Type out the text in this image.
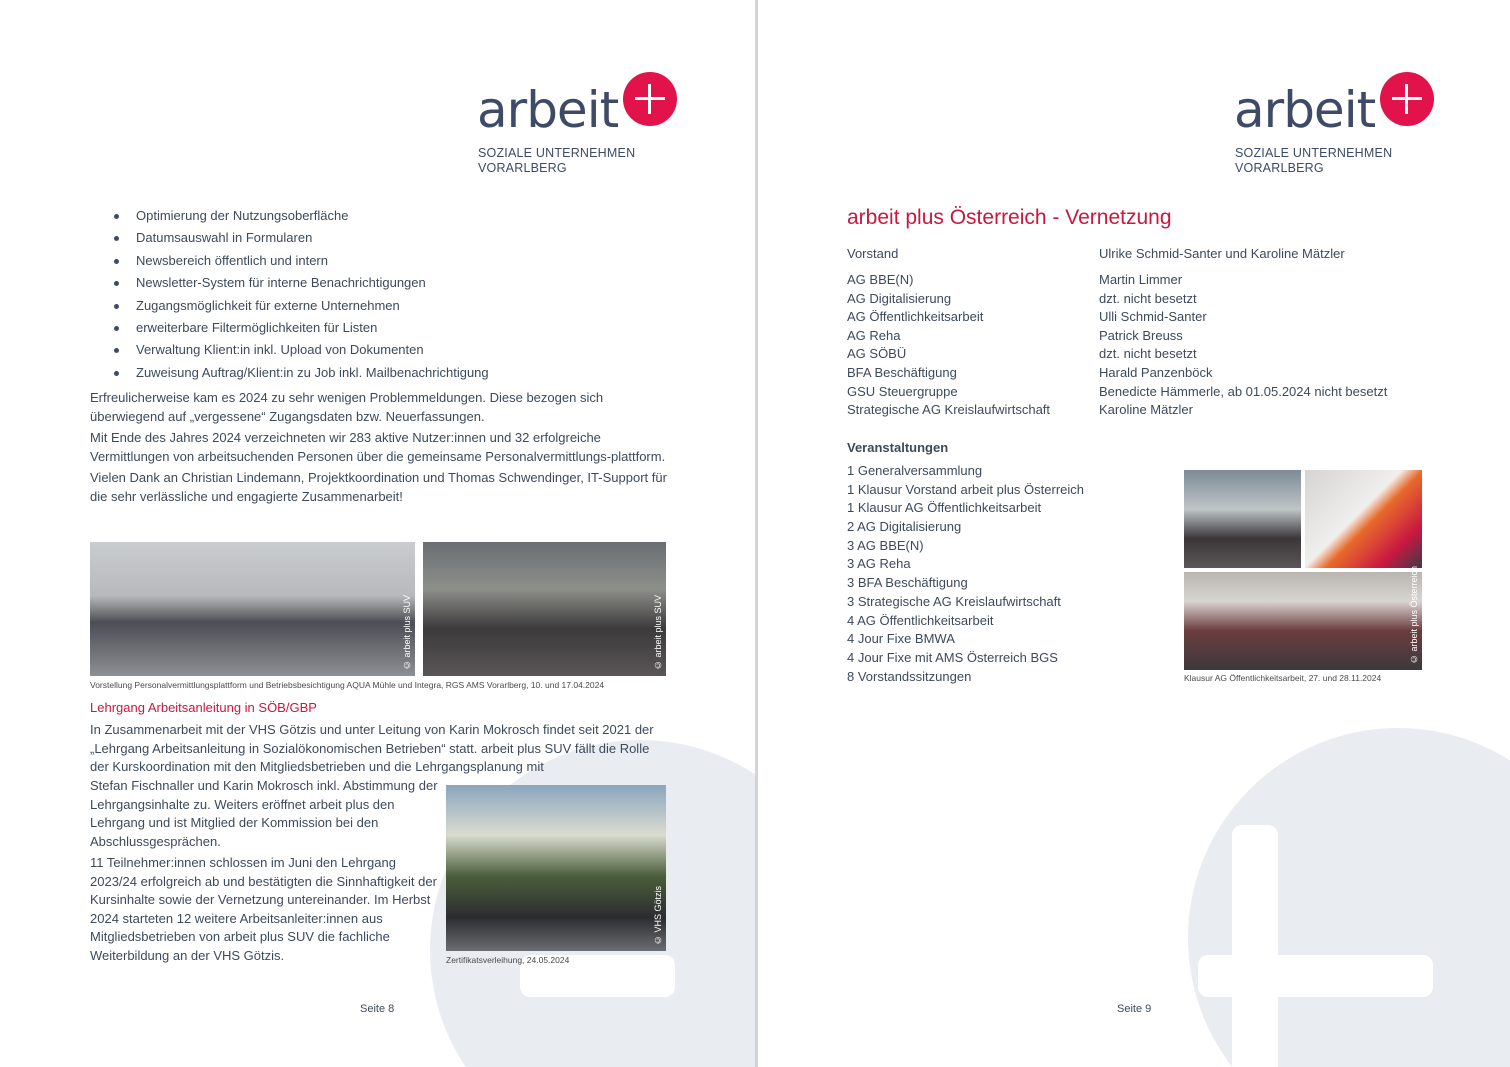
arbeit
SOZIALE UNTERNEHMEN
VORARLBERG
Optimierung der Nutzungsoberfläche
Datumsauswahl in Formularen
Newsbereich öffentlich und intern
Newsletter-System für interne Benachrichtigungen
Zugangsmöglichkeit für externe Unternehmen
erweiterbare Filtermöglichkeiten für Listen
Verwaltung Klient:in inkl. Upload von Dokumenten
Zuweisung Auftrag/Klient:in zu Job inkl. Mailbenachrichtigung

Erfreulicherweise kam es 2024 zu sehr wenigen Problemmeldungen. Diese bezogen sich überwiegend auf „vergessene“ Zugangsdaten bzw. Neuerfassungen.

Mit Ende des Jahres 2024 verzeichneten wir 283 aktive Nutzer:innen und 32 erfolgreiche Vermittlungen von arbeitsuchenden Personen über die gemeinsame Personalvermittlungs-plattform.

Vielen Dank an Christian Lindemann, Projektkoordination und Thomas Schwendinger, IT-Support für die sehr verlässliche und engagierte Zusammenarbeit!

© arbeit plus SUV	© arbeit plus SUV
Vorstellung Personalvermittlungsplattform und Betriebsbesichtigung AQUA Mühle und Integra, RGS AMS Vorarlberg, 10. und 17.04.2024
Lehrgang Arbeitsanleitung in SÖB/GBP

In Zusammenarbeit mit der VHS Götzis und unter Leitung von Karin Mokrosch findet seit 2021 der „Lehrgang Arbeitsanleitung in Sozialökonomischen Betrieben“ statt. arbeit plus SUV fällt die Rolle der Kurskoordination mit den Mitgliedsbetrieben und die Lehrgangsplanung mit

Stefan Fischnaller und Karin Mokrosch inkl. Abstimmung der Lehrgangsinhalte zu. Weiters eröffnet arbeit plus den Lehrgang und ist Mitglied der Kommission bei den Abschlussgesprächen.

11 Teilnehmer:innen schlossen im Juni den Lehrgang 2023/24 erfolgreich ab und bestätigten die Sinnhaftigkeit der Kursinhalte sowie der Vernetzung untereinander. Im Herbst 2024 starteten 12 weitere Arbeitsanleiter:innen aus Mitgliedsbetrieben von arbeit plus SUV die fachliche Weiterbildung an der VHS Götzis.

© VHS Götzis
Zertifikatsverleihung, 24.05.2024
Seite 8
arbeit
SOZIALE UNTERNEHMEN
VORARLBERG
arbeit plus Österreich - Vernetzung
Vorstand	Ulrike Schmid-Santer und Karoline Mätzler
AG BBE(N)	Martin Limmer
AG Digitalisierung	dzt. nicht besetzt
AG Öffentlichkeitsarbeit	Ulli Schmid-Santer
AG Reha	Patrick Breuss
AG SÖBÜ	dzt. nicht besetzt
BFA Beschäftigung	Harald Panzenböck
GSU Steuergruppe	Benedicte Hämmerle, ab 01.05.2024 nicht besetzt
Strategische AG Kreislaufwirtschaft	Karoline Mätzler
Veranstaltungen
1 Generalversammlung
1 Klausur Vorstand arbeit plus Österreich
1 Klausur AG Öffentlichkeitsarbeit
2 AG Digitalisierung
3 AG BBE(N)
3 AG Reha
3 BFA Beschäftigung
3 Strategische AG Kreislaufwirtschaft
4 AG Öffentlichkeitsarbeit
4 Jour Fixe BMWA
4 Jour Fixe mit AMS Österreich BGS
8 Vorstandssitzungen
© arbeit plus Österreich
Klausur AG Öffentlichkeitsarbeit, 27. und 28.11.2024
Seite 9
